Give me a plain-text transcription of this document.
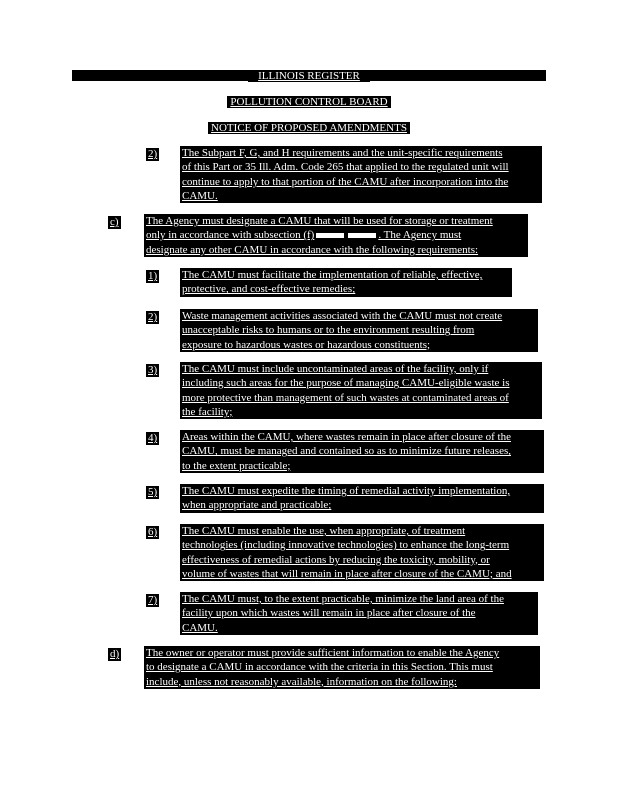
ILLINOIS REGISTER
POLLUTION CONTROL BOARD
NOTICE OF PROPOSED AMENDMENTS
2) The Subpart F, G, and H requirements and the unit-specific requirements
of this Part or 35 Ill. Adm. Code 265 that applied to the regulated unit will
continue to apply to that portion of the CAMU after incorporation into the
CAMU.
c) The Agency must designate a CAMU that will be used for storage or treatment
only in accordance with subsection (f)	. The Agency must
designate any other CAMU in accordance with the following requirements:
1) The CAMU must facilitate the implementation of reliable, effective,
protective, and cost-effective remedies;
2) Waste management activities associated with the CAMU must not create
unacceptable risks to humans or to the environment resulting from
exposure to hazardous wastes or hazardous constituents;
3) The CAMU must include uncontaminated areas of the facility, only if
including such areas for the purpose of managing CAMU-eligible waste is
more protective than management of such wastes at contaminated areas of
the facility;
4) Areas within the CAMU, where wastes remain in place after closure of the
CAMU, must be managed and contained so as to minimize future releases,
to the extent practicable;
5) The CAMU must expedite the timing of remedial activity implementation,
when appropriate and practicable;
6) The CAMU must enable the use, when appropriate, of treatment
technologies (including innovative technologies) to enhance the long-term
effectiveness of remedial actions by reducing the toxicity, mobility, or
volume of wastes that will remain in place after closure of the CAMU; and
7) The CAMU must, to the extent practicable, minimize the land area of the
facility upon which wastes will remain in place after closure of the
CAMU.
d) The owner or operator must provide sufficient information to enable the Agency
to designate a CAMU in accordance with the criteria in this Section. This must
include, unless not reasonably available, information on the following:
